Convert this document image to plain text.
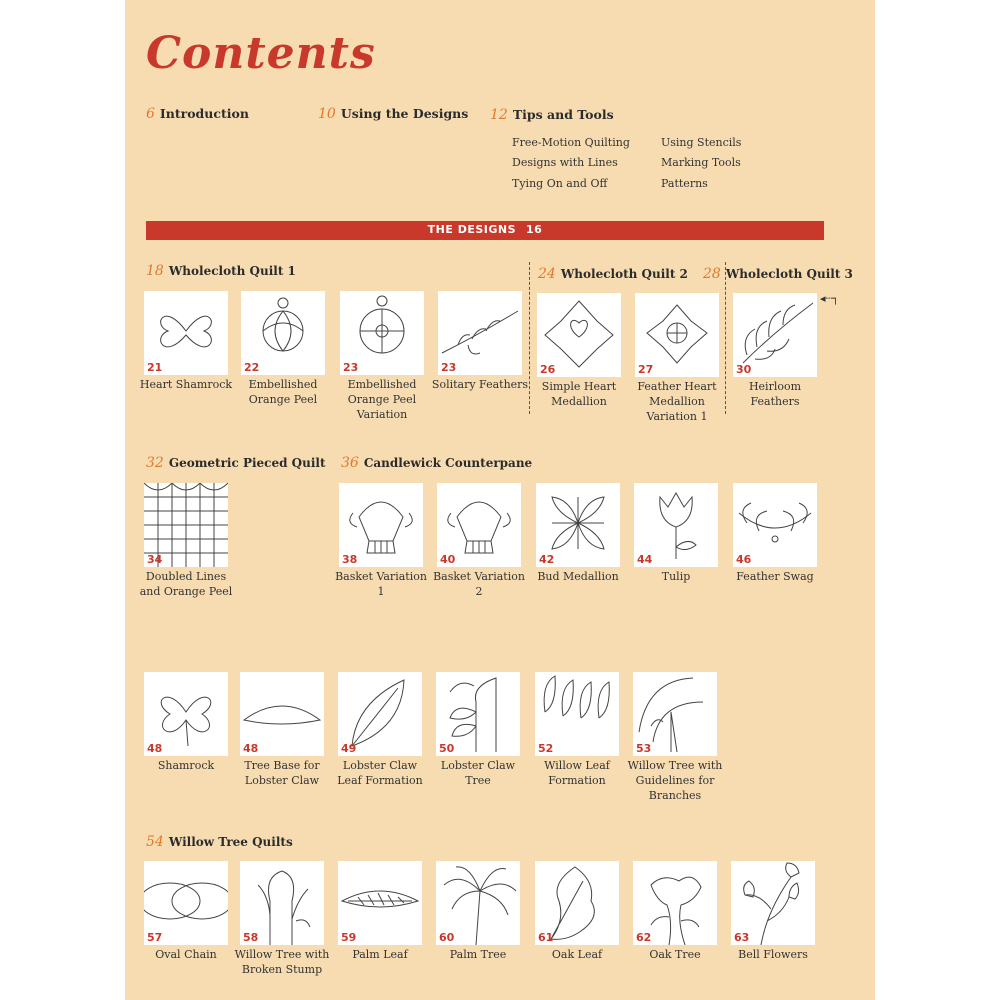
Contents
6 Introduction	10 Using the Designs 12 Tips and Tools
Free-Motion Quilting
Designs with Lines
Tying On and Off
Using Stencils
Marking Tools
Patterns
THE DESIGNS 16
18 Wholecloth Quilt 1	24 Wholecloth Quilt 2 28 Wholecloth Quilt 3
32 Geometric Pieced Quilt 36 Candlewick Counterpane
54 Willow Tree Quilts
◂┈┐
21
Heart Shamrock
22
Embellished Orange Peel
23
Embellished Orange Peel Variation
23
Solitary Feathers
26
Simple Heart Medallion
27
Feather Heart Medallion Variation 1
30
Heirloom Feathers
34
Doubled Lines and Orange Peel
38
Basket Variation 1
40
Basket Variation 2
42
Bud Medallion
44
Tulip
46
Feather Swag
48
Shamrock
48
Tree Base for Lobster Claw
49
Lobster Claw Leaf Formation
50
Lobster Claw Tree
52
Willow Leaf Formation
53
Willow Tree with Guidelines for Branches
57
Oval Chain
58
Willow Tree with Broken Stump
59
Palm Leaf
60
Palm Tree
61
Oak Leaf
62
Oak Tree
63
Bell Flowers
